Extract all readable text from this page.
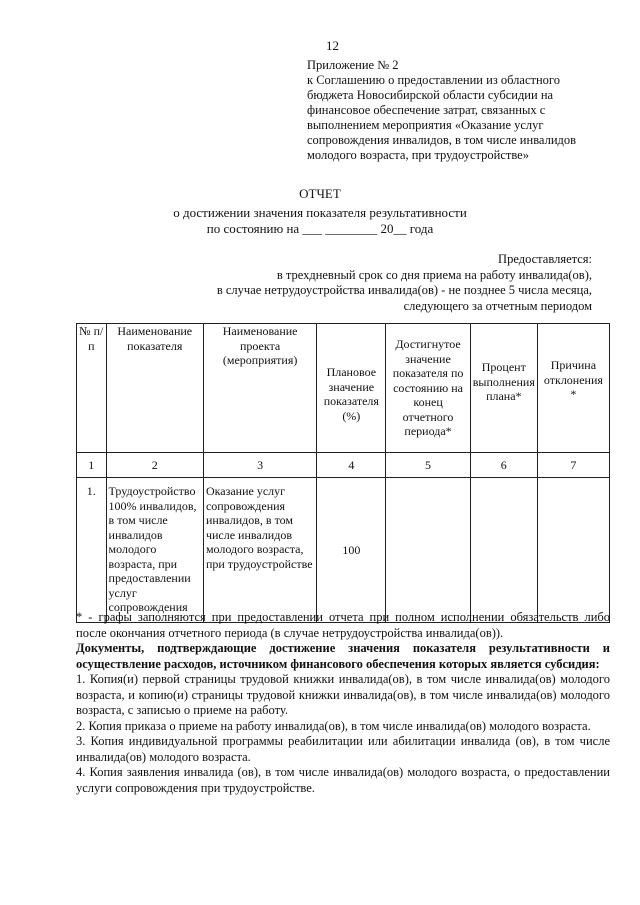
12
Приложение № 2
к Соглашению о предоставлении из областного
бюджета Новосибирской области субсидии на
финансовое обеспечение затрат, связанных с
выполнением мероприятия «Оказание услуг
сопровождения инвалидов, в том числе инвалидов
молодого возраста, при трудоустройстве»
ОТЧЕТ
о достижении значения показателя результативности
по состоянию на ___ ________ 20__ года
Предоставляется:
в трехдневный срок со дня приема на работу инвалида(ов),
в случае нетрудоустройства инвалида(ов) - не позднее 5 числа месяца,
следующего за отчетным периодом
№ п/п	Наименование показателя	Наименование проекта (мероприятия)	Плановое значение показателя (%)	Достигнутое значение показателя по состоянию на конец отчетного периода*	Процент выполнения плана*	Причина отклонения *
1	2	3	4	5	6	7
1.	Трудоустройство 100% инвалидов, в том числе инвалидов молодого возраста, при предоставлении услуг сопровождения	Оказание услуг сопровождения инвалидов, в том числе инвалидов молодого возраста, при трудоустройстве	100			

* - графы заполняются при предоставлении отчета при полном исполнении обязательств либо после окончания отчетного периода (в случае нетрудоустройства инвалида(ов)).

Документы, подтверждающие достижение значения показателя результативности и осуществление расходов, источником финансового обеспечения которых является субсидия:

1. Копия(и) первой страницы трудовой книжки инвалида(ов), в том числе инвалида(ов) молодого возраста, и копию(и) страницы трудовой книжки инвалида(ов), в том числе инвалида(ов) молодого возраста, с записью о приеме на работу.

2. Копия приказа о приеме на работу инвалида(ов), в том числе инвалида(ов) молодого возраста.

3. Копия индивидуальной программы реабилитации или абилитации инвалида (ов), в том числе инвалида(ов) молодого возраста.

4. Копия заявления инвалида (ов), в том числе инвалида(ов) молодого возраста, о предоставлении услуги сопровождения при трудоустройстве.
